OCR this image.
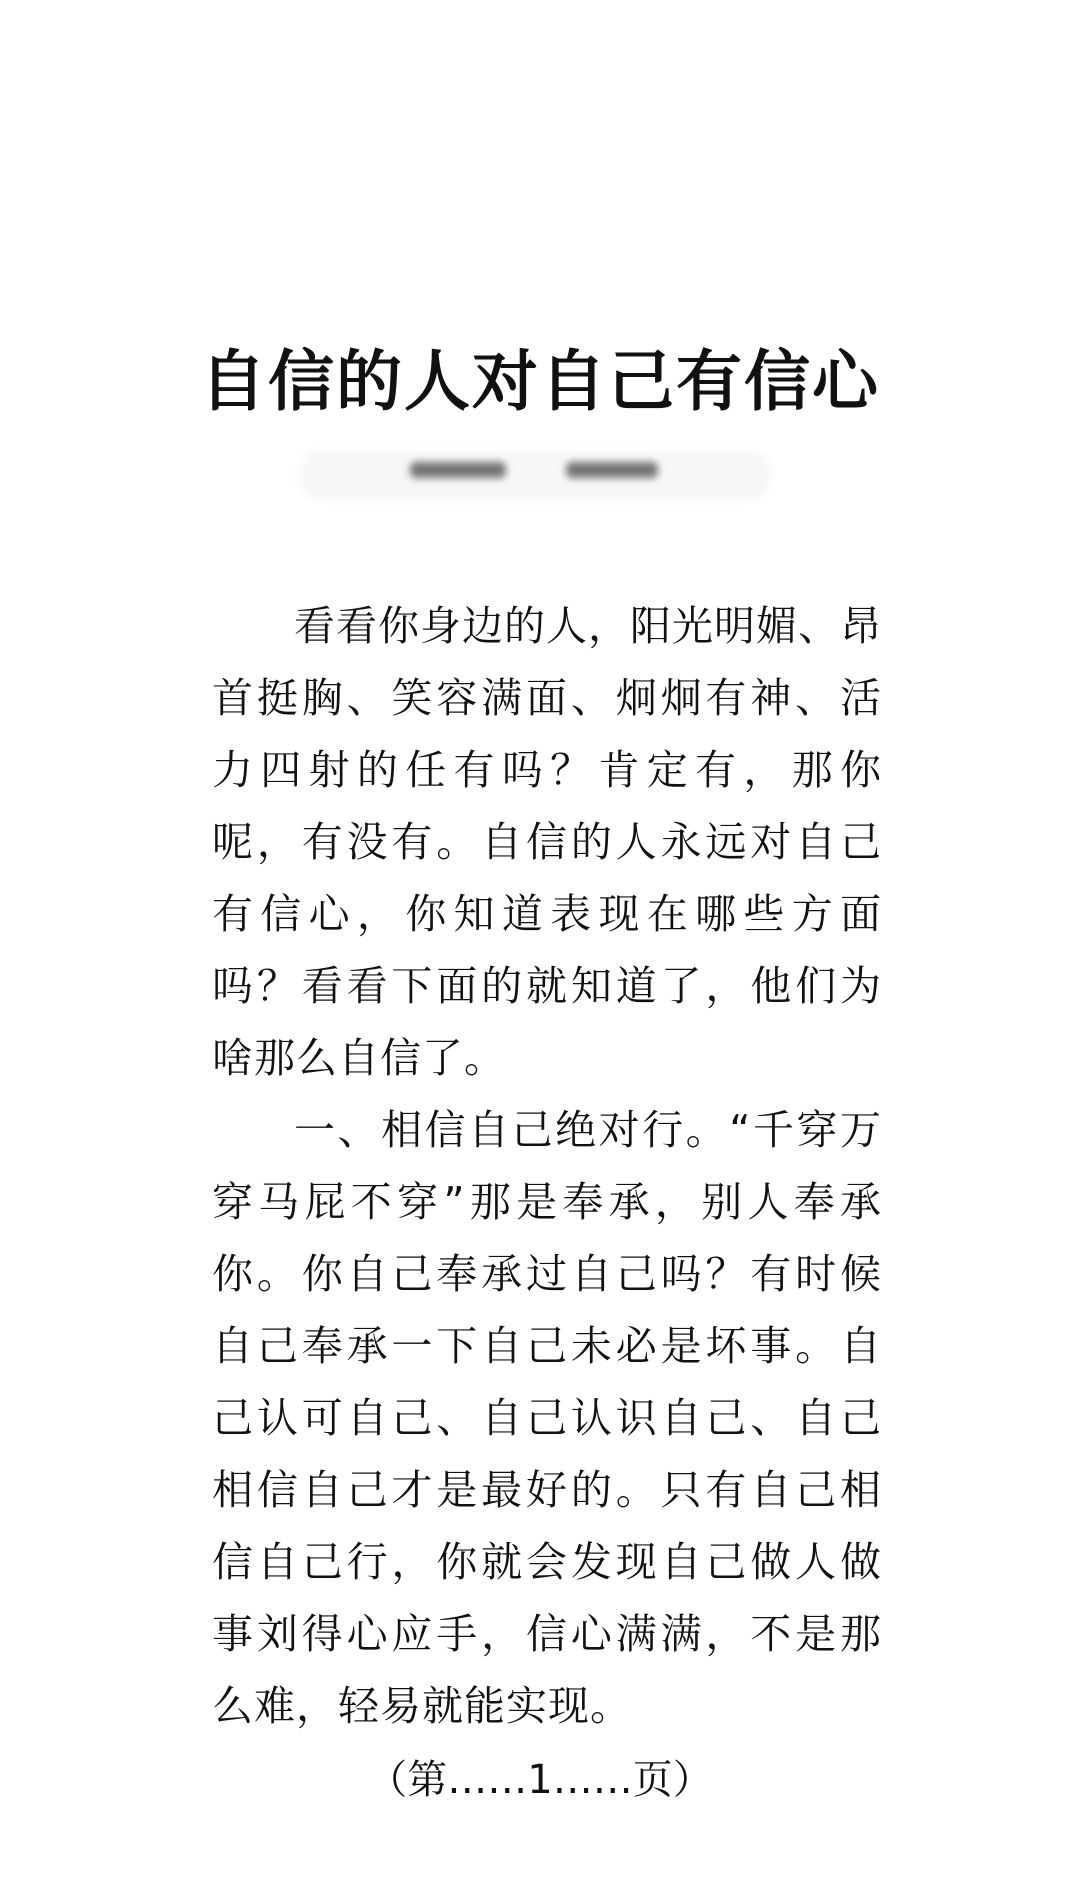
自信的人对自己有信心

看看你身边的人，阳光明媚、昂首挺胸、笑容满面、炯炯有神、活力四射的任有吗？肯定有，那你呢，有没有。自信的人永远对自己有信心，你知道表现在哪些方面吗？看看下面的就知道了，他们为啥那么自信了。

一、相信自己绝对行。“千穿万穿马屁不穿”那是奉承，别人奉承你。你自己奉承过自己吗？有时候自己奉承一下自己未必是坏事。自己认可自己、自己认识自己、自己相信自己才是最好的。只有自己相信自己行，你就会发现自己做人做事刘得心应手，信心满满，不是那么难，轻易就能实现。

（第……1……页）
